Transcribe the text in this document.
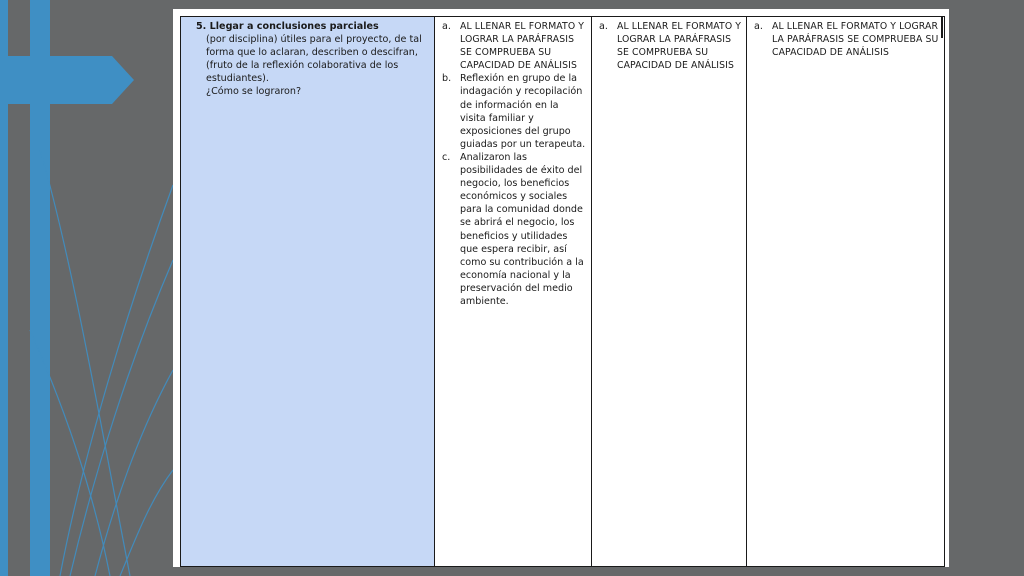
5. Llegar a conclusiones parciales
(por disciplina) útiles para el proyecto, de tal forma que lo aclaran, describen o descifran, (fruto de la reflexión colaborativa de los estudiantes).
¿Cómo se lograron?
a. AL LLENAR EL FORMATO Y LOGRAR LA PARÁFRASIS SE COMPRUEBA SU CAPACIDAD DE ANÁLISIS
b. Reflexión en grupo de la indagación y recopilación de información en la visita familiar y exposiciones del grupo guiadas por un terapeuta.
c.	Analizaron las posibilidades de éxito del negocio, los beneficios económicos y sociales para la comunidad donde se abrirá el negocio, los beneficios y utilidades que espera recibir, así como su contribución a la economía nacional y la preservación del medio ambiente.
a. AL LLENAR EL FORMATO Y LOGRAR LA PARÁFRASIS SE COMPRUEBA SU CAPACIDAD DE ANÁLISIS
a. AL LLENAR EL FORMATO Y LOGRAR LA PARÁFRASIS SE COMPRUEBA SU CAPACIDAD DE ANÁLISIS
